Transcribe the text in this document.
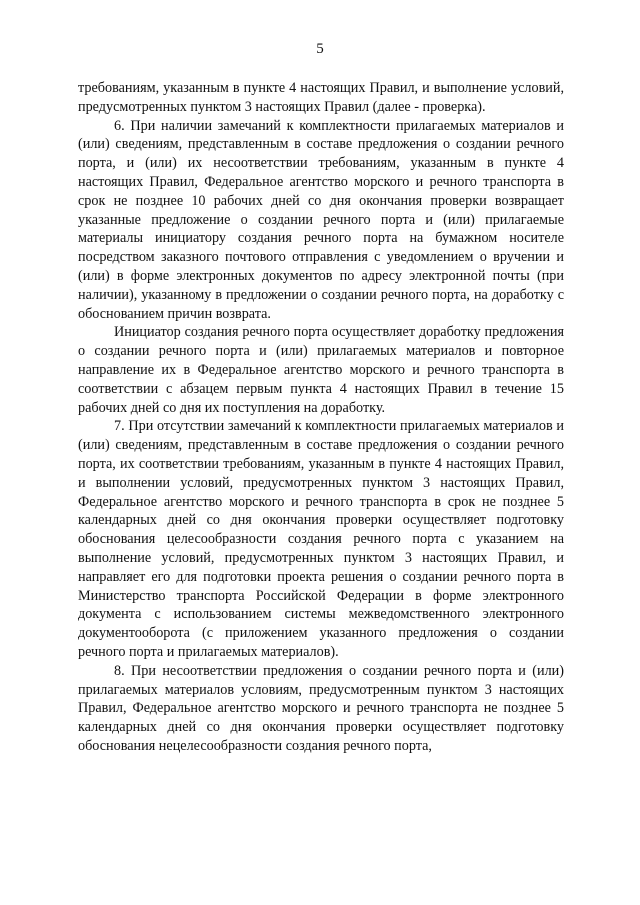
5

требованиям, указанным в пункте 4 настоящих Правил, и выполнение условий, предусмотренных пунктом 3 настоящих Правил (далее - проверка).

6. При наличии замечаний к комплектности прилагаемых материалов и (или) сведениям, представленным в составе предложения о создании речного порта, и (или) их несоответствии требованиям, указанным в пункте 4 настоящих Правил, Федеральное агентство морского и речного транспорта в срок не позднее 10 рабочих дней со дня окончания проверки возвращает указанные предложение о создании речного порта и (или) прилагаемые материалы инициатору создания речного порта на бумажном носителе посредством заказного почтового отправления с уведомлением о вручении и (или) в форме электронных документов по адресу электронной почты (при наличии), указанному в предложении о создании речного порта, на доработку с обоснованием причин возврата.

Инициатор создания речного порта осуществляет доработку предложения о создании речного порта и (или) прилагаемых материалов и повторное направление их в Федеральное агентство морского и речного транспорта в соответствии с абзацем первым пункта 4 настоящих Правил в течение 15 рабочих дней со дня их поступления на доработку.

7. При отсутствии замечаний к комплектности прилагаемых материалов и (или) сведениям, представленным в составе предложения о создании речного порта, их соответствии требованиям, указанным в пункте 4 настоящих Правил, и выполнении условий, предусмотренных пунктом 3 настоящих Правил, Федеральное агентство морского и речного транспорта в срок не позднее 5 календарных дней со дня окончания проверки осуществляет подготовку обоснования целесообразности создания речного порта с указанием на выполнение условий, предусмотренных пунктом 3 настоящих Правил, и направляет его для подготовки проекта решения о создании речного порта в Министерство транспорта Российской Федерации в форме электронного документа с использованием системы межведомственного электронного документооборота (с приложением указанного предложения о создании речного порта и прилагаемых материалов).

8. При несоответствии предложения о создании речного порта и (или) прилагаемых материалов условиям, предусмотренным пунктом 3 настоящих Правил, Федеральное агентство морского и речного транспорта не позднее 5 календарных дней со дня окончания проверки осуществляет подготовку обоснования нецелесообразности создания речного порта,
